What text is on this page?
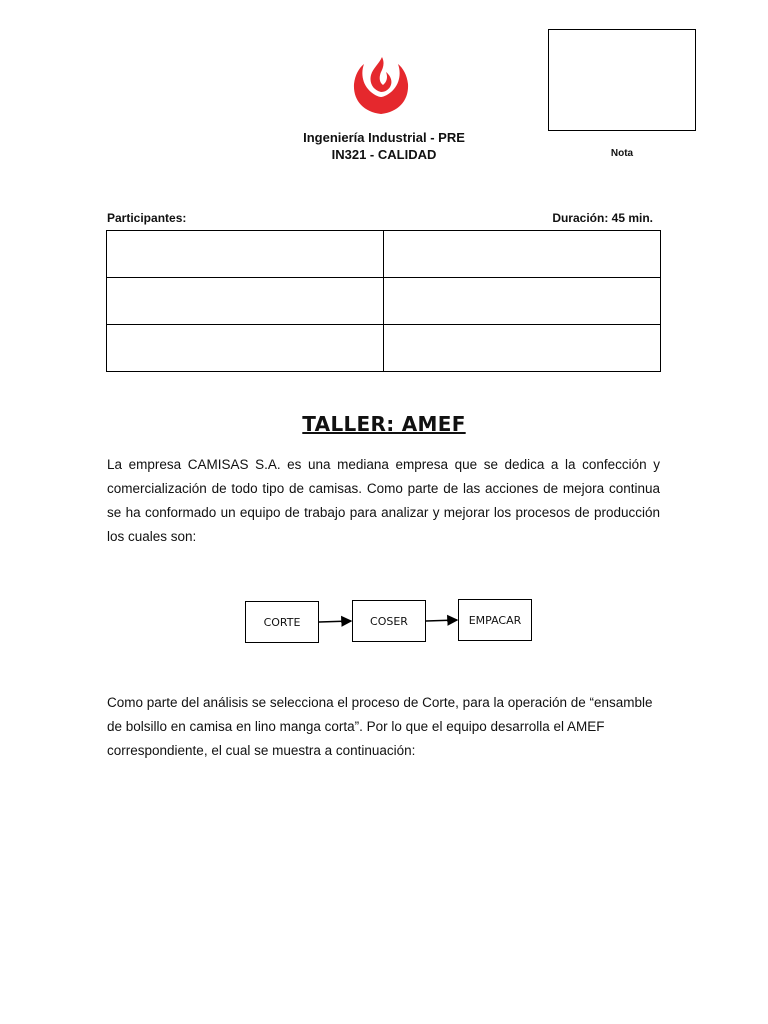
Ingeniería Industrial - PRE
IN321 - CALIDAD	Nota
Participantes:	Duración: 45 min.

TALLER: AMEF
La empresa CAMISAS S.A. es una mediana empresa que se dedica a la confección y comercialización de todo tipo de camisas. Como parte de las acciones de mejora continua se ha conformado un equipo de trabajo para analizar y mejorar los procesos de producción los cuales son:
CORTE	COSER	EMPACAR
Como parte del análisis se selecciona el proceso de Corte, para la operación de “ensamble de bolsillo en camisa en lino manga corta”. Por lo que el equipo desarrolla el AMEF correspondiente, el cual se muestra a continuación:
